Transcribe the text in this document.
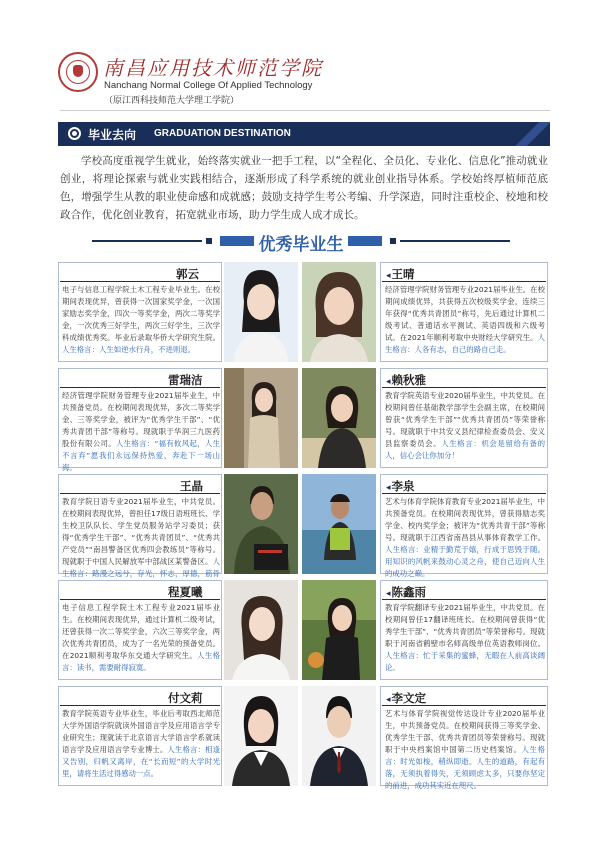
南昌应用技术师范学院
Nanchang Normal College Of Applied Technology
（原江西科技师范大学理工学院）
毕业去向 GRADUATION DESTINATION

学校高度重视学生就业，始终落实就业一把手工程，以“全程化、全员化、专业化、信息化”推动就业创业，将理论探索与就业实践相结合，逐渐形成了科学系统的就业创业指导体系。学校始终厚植师范底色，增强学生从教的职业使命感和成就感；鼓励支持学生考公考编、升学深造，同时注重校企、校地和校政合作，优化创业教育，拓宽就业市场，助力学生成人成才成长。

优秀毕业生
郭云
电子与信息工程学院土木工程专业毕业生。在校期间表现优异，曾获得一次国家奖学金，一次国家励志奖学金，四次一等奖学金，两次二等奖学金，一次优秀三好学生，两次三好学生，三次学科成绩优秀奖。毕业后录取华侨大学研究生院。人生格言：人生如逆水行舟，不进则退。
◂王晴
经济管理学院财务管理专业2021届毕业生。在校期间成绩优异，共获得五次校级奖学金，连续三年获得“优秀共青团员”称号，先后通过计算机二级考试、普通话水平测试、英语四级和六级考试。在2021年顺利考取中央财经大学研究生。人生格言：人各有志，自己的路自己走。
雷瑞洁
经济管理学院财务管理专业2021届毕业生，中共预备党员。在校期间表现优异，多次二等奖学金、三等奖学金，被评为“优秀学生干部”、“优秀共青团干部”等称号。现就职于华润三九医药股份有限公司。人生格言：“福有攸风起，人生不言弃”愿我们永远保持热爱，奔赴下一场山海。
◂赖秋雅
教育学院英语专业2020届毕业生，中共党员。在校期间曾任基础教学部学生会副主席，在校期间曾获“优秀学生干部”“优秀共青团员”等荣誉称号。现就职于中共安义县纪律检查委员会、安义县监察委员会。人生格言：机会是留给有备的人，信心会让你加分！
王晶
教育学院日语专业2021届毕业生，中共党员。在校期间表现优异，曾担任17级日语班班长、学生校卫队队长、学生党员服务站学习委员；获得“优秀学生干部”、“优秀共青团员”、“优秀共产党员”“南昌警备区优秀四会教练员”等称号。现就职于中国人民解放军中部战区某警备区。人生格言：路漫之远兮，存光，怀志，厚德，筋骨
◂李泉
艺术与体育学院体育教育专业2021届毕业生，中共预备党员。在校期间表现优异，曾获得励志奖学金、校内奖学金；被评为“优秀共青干部”等称号。现就职于江西省南昌县从事体育教学工作。人生格言：业精于勤荒于嬉，行成于思毁于随。用知识的风帆来鼓动心灵之舟，使自己迈向人生的成功之巅。
程夏曦
电子信息工程学院土木工程专业2021届毕业生。在校期间表现优异，通过计算机二级考试，还曾获得一次二等奖学金，六次三等奖学金，两次优秀共青团员，成为了一名光荣的预备党员。在2021顺利考取华东交通大学研究生。人生格言：读书，需要耐得寂寞。
◂陈鑫雨
教育学院翻译专业2021届毕业生，中共党员。在校期间曾任17翻译班班长。在校期间曾获得“优秀学生干部”、“优秀共青团员”等荣誉称号。现就职于河南省鹤壁市名师高级单位英语教师岗位。人生格言：忙于采集的蜜蜂，无暇在人前高谈阔论。
付文莉
教育学院英语专业毕业生，毕业后考取西北师范大学外国语学院就读外国语言学及应用语言学专业研究生；现就读于北京语言大学语言学系就读语言学及应用语言学专业博士。人生格言：相逢又告别，归帆又离岸，在“长而短”的大学时光里，请将生活过得感动一点。
◂李文定
艺术与体育学院视觉传达设计专业2020届毕业生，中共预备党员。在校期间获得三等奖学金、优秀学生干部、优秀共青团员等荣誉称号。现就职于中央档案馆中国第二历史档案馆。人生格言：时光如梭，稍纵即逝。人生的道路，有起有落，无须执着得失，无须顾虑太多，只要你坚定的前进，成功其实近在咫尺。
